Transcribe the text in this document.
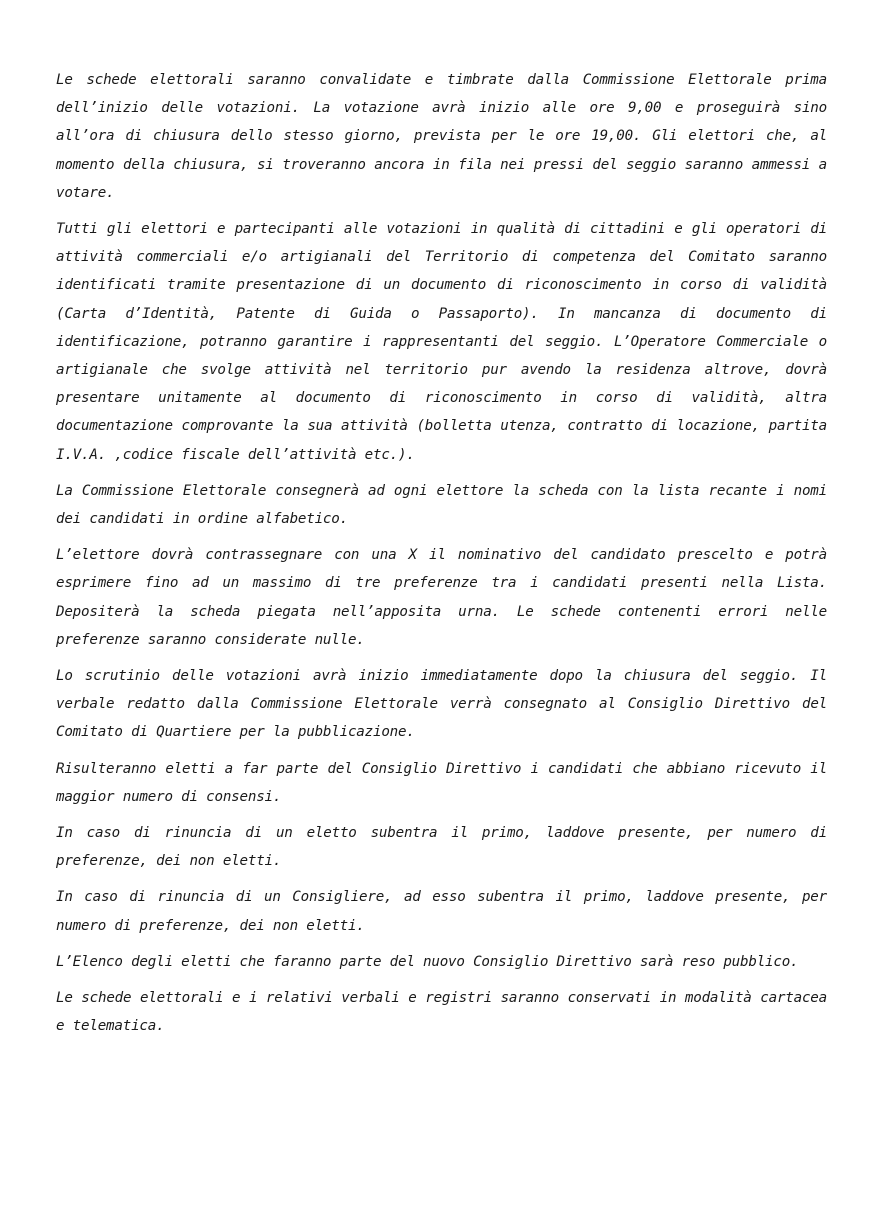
Le schede elettorali saranno convalidate e timbrate dalla Commissione Elettorale prima dell’inizio delle votazioni. La votazione avrà inizio alle ore 9,00 e proseguirà sino all’ora di chiusura dello stesso giorno, prevista per le ore 19,00. Gli elettori che, al momento della chiusura, si troveranno ancora in fila nei pressi del seggio saranno ammessi a votare.

Tutti gli elettori e partecipanti alle votazioni in qualità di cittadini e gli operatori di attività commerciali e/o artigianali del Territorio di competenza del Comitato saranno identificati tramite presentazione di un documento di riconoscimento in corso di validità (Carta d’Identità, Patente di Guida o Passaporto). In mancanza di documento di identificazione, potranno garantire i rappresentanti del seggio. L’Operatore Commerciale o artigianale che svolge attività nel territorio pur avendo la residenza altrove, dovrà presentare unitamente al documento di riconoscimento in corso di validità, altra documentazione comprovante la sua attività (bolletta utenza, contratto di locazione, partita I.V.A. ,codice fiscale dell’attività etc.).

La Commissione Elettorale consegnerà ad ogni elettore la scheda con la lista recante i nomi dei candidati in ordine alfabetico.

L’elettore dovrà contrassegnare con una X il nominativo del candidato prescelto e potrà esprimere fino ad un massimo di tre preferenze tra i candidati presenti nella Lista. Depositerà la scheda piegata nell’apposita urna. Le schede contenenti errori nelle preferenze saranno considerate nulle.

Lo scrutinio delle votazioni avrà inizio immediatamente dopo la chiusura del seggio. Il verbale redatto dalla Commissione Elettorale verrà consegnato al Consiglio Direttivo del Comitato di Quartiere per la pubblicazione.

Risulteranno eletti a far parte del Consiglio Direttivo i candidati che abbiano ricevuto il maggior numero di consensi.

In caso di rinuncia di un eletto subentra il primo, laddove presente, per numero di preferenze, dei non eletti.

In caso di rinuncia di un Consigliere, ad esso subentra il primo, laddove presente, per numero di preferenze, dei non eletti.

L’Elenco degli eletti che faranno parte del nuovo Consiglio Direttivo sarà reso pubblico.

Le schede elettorali e i relativi verbali e registri saranno conservati in modalità cartacea e telematica.
